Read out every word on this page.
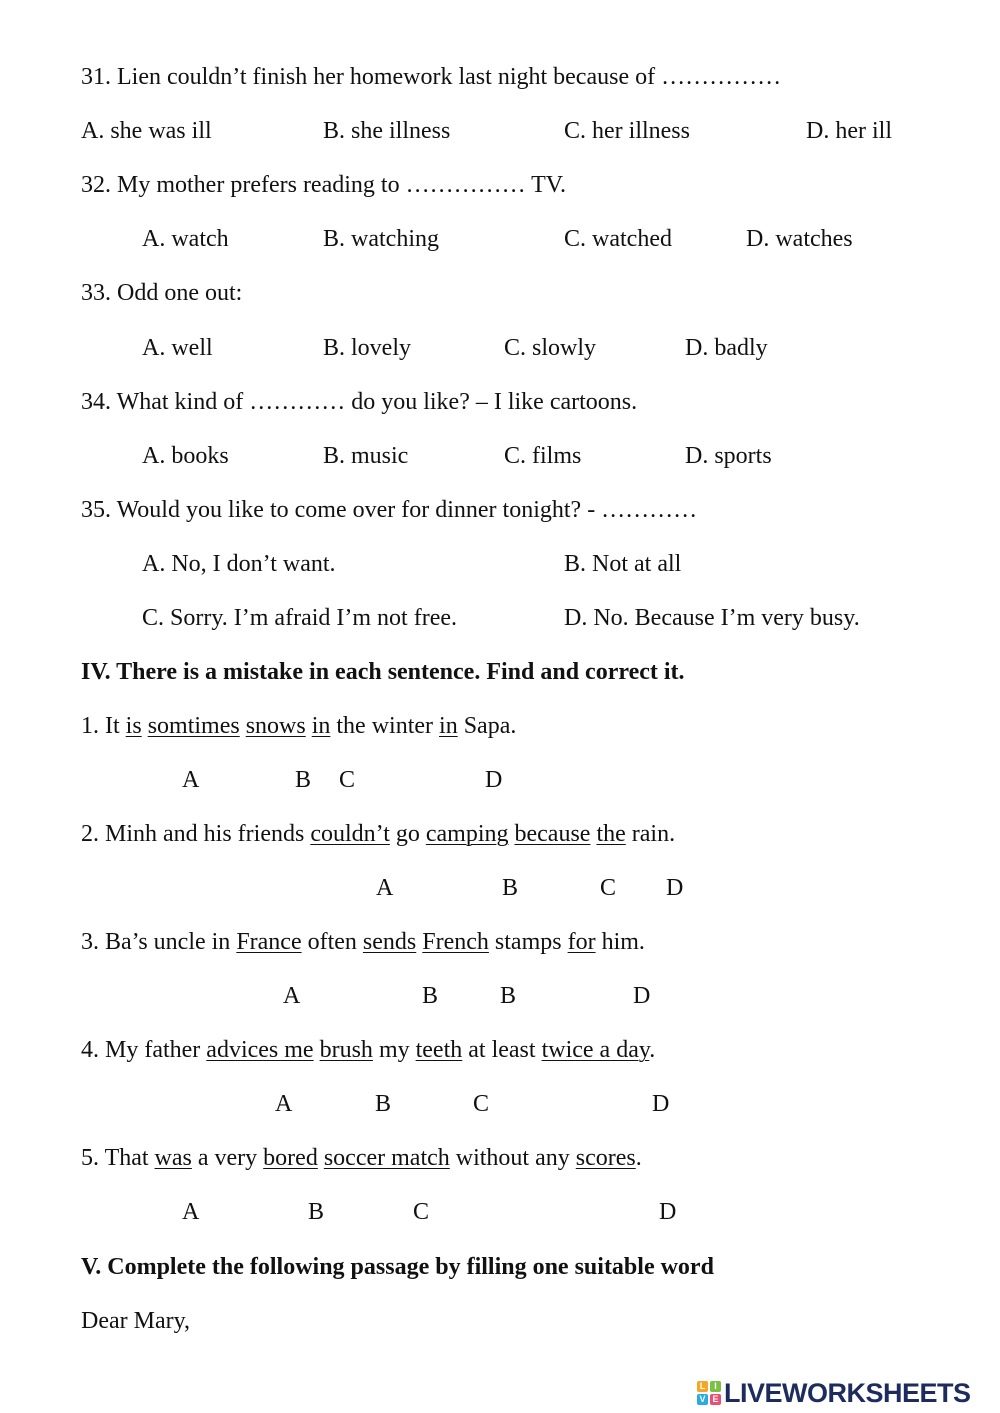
31. Lien couldn’t finish her homework last night because of ……………
A. she was ill	B. she illness	C. her illness	D. her ill
32. My mother prefers reading to …………… TV.
A. watch	B. watching	C. watched	D. watches
33. Odd one out:
A. well	B. lovely	C. slowly	D. badly
34. What kind of ………… do you like? – I like cartoons.
A. books	B. music	C. films	D. sports
35. Would you like to come over for dinner tonight? - …………
A. No, I don’t want.	B. Not at all
C. Sorry. I’m afraid I’m not free.	D. No. Because I’m very busy.
IV. There is a mistake in each sentence. Find and correct it.
1. It is somtimes snows in the winter in Sapa.
A	B C	D
2. Minh and his friends couldn’t go camping because the rain.
A	B	C D
3. Ba’s uncle in France often sends French stamps for him.
A	B	B	D
4. My father advices me brush my teeth at least twice a day.
A	B	C	D
5. That was a very bored soccer match without any scores.
A	B	C	D
V. Complete the following passage by filling one suitable word
Dear Mary,
L I
V E LIVEWORKSHEETS
